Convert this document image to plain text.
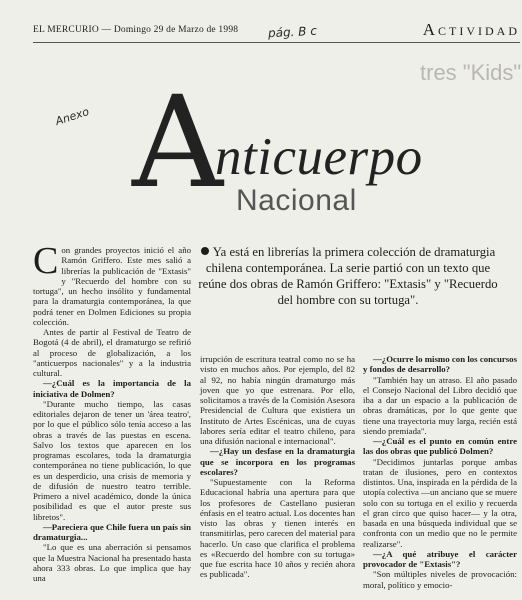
EL MERCURIO — Domingo 29 de Marzo de 1998	Actividad
pág. B c
Anexo
tres "Kids"
A
nticuerpo
Nacional
Ya está en librerías la primera colección de dramaturgia chilena contemporánea. La serie partió con un texto que reúne dos obras de Ramón Griffero: "Extasis" y "Recuerdo del hombre con su tortuga".
C on grandes proyectos inició el año Ramón Griffero. Este mes salió a librerías la publicación de "Extasis" y "Recuerdo del hombre con su tortuga", un hecho insólito y fundamental para la dramaturgia contemporánea, la que podrá tener en Dolmen Ediciones su propia colección.

Antes de partir al Festival de Teatro de Bogotá (4 de abril), el dramaturgo se refirió al proceso de globalización, a los "anticuerpos nacionales" y a la industria cultural.

—¿Cuál es la importancia de la iniciativa de Dolmen?

"Durante mucho tiempo, las casas editoriales dejaron de tener un 'área teatro', por lo que el público sólo tenía acceso a las obras a través de las puestas en escena. Salvo los textos que aparecen en los programas escolares, toda la dramaturgia contemporánea no tiene publicación, lo que es un desperdicio, una crisis de memoria y de difusión de nuestro teatro terrible. Primero a nivel académico, donde la única posibilidad es que el autor preste sus libretos".

—Pareciera que Chile fuera un país sin dramaturgia...

"Lo que es una aberración si pensamos que la Muestra Nacional ha presentado hasta ahora 333 obras. Lo que implica que hay una

irrupción de escritura teatral como no se ha visto en muchos años. Por ejemplo, del 82 al 92, no había ningún dramaturgo más joven que yo que estrenara. Por ello, solicitamos a través de la Comisión Asesora Presidencial de Cultura que existiera un Instituto de Artes Escénicas, una de cuyas labores sería editar el teatro chileno, para una difusión nacional e internacional".

—¿Hay un desfase en la dramaturgia que se incorpora en los programas escolares?

"Supuestamente con la Reforma Educacional habría una apertura para que los profesores de Castellano pusieran énfasis en el teatro actual. Los docentes han visto las obras y tienen interés en transmitirlas, pero carecen del material para hacerlo. Un caso que clarifica el problema es «Recuerdo del hombre con su tortuga» que fue escrita hace 10 años y recién ahora es publicada".

—¿Ocurre lo mismo con los concursos y fondos de desarrollo?

"También hay un atraso. El año pasado el Consejo Nacional del Libro decidió que iba a dar un espacio a la publicación de obras dramáticas, por lo que gente que tiene una trayectoria muy larga, recién está siendo premiada".

—¿Cuál es el punto en común entre las dos obras que publicó Dolmen?

"Decidimos juntarlas porque ambas tratan de ilusiones, pero en contextos distintos. Una, inspirada en la pérdida de la utopía colectiva —un anciano que se muere solo con su tortuga en el exilio y recuerda el gran circo que quiso hacer— y la otra, basada en una búsqueda individual que se confronta con un medio que no le permite realizarse".

—¿A qué atribuye el carácter provocador de "Extasis"?

"Son múltiples niveles de provocación: moral, político y emocio-
